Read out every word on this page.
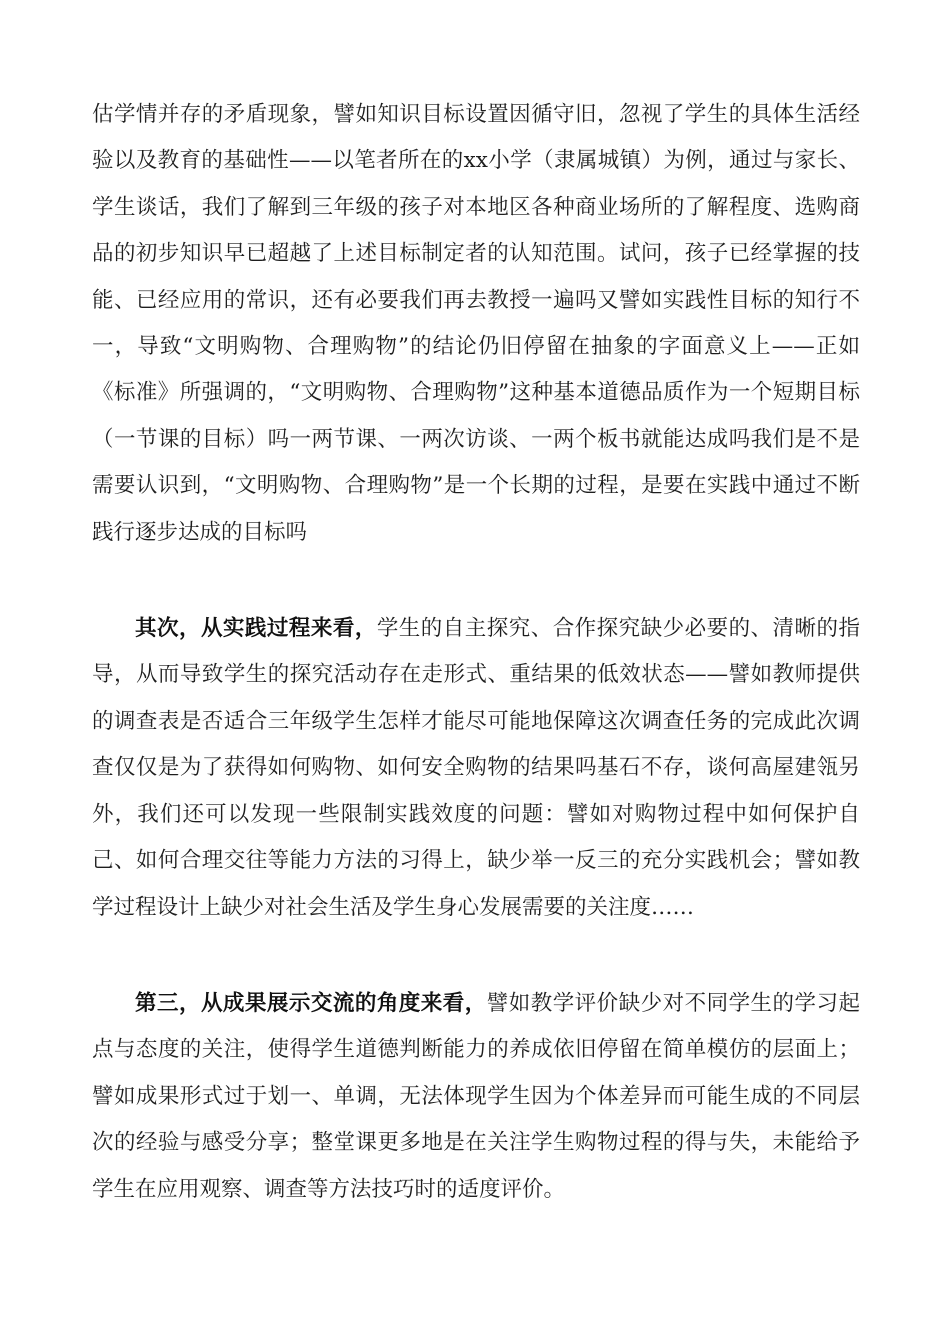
估学情并存的矛盾现象，譬如知识目标设置因循守旧，忽视了学生的具体生活经验以及教育的基础性——以笔者所在的xx小学（隶属城镇）为例，通过与家长、学生谈话，我们了解到三年级的孩子对本地区各种商业场所的了解程度、选购商品的初步知识早已超越了上述目标制定者的认知范围。试问，孩子已经掌握的技能、已经应用的常识，还有必要我们再去教授一遍吗又譬如实践性目标的知行不一，导致“文明购物、合理购物”的结论仍旧停留在抽象的字面意义上——正如《标准》所强调的，“文明购物、合理购物”这种基本道德品质作为一个短期目标（一节课的目标）吗一两节课、一两次访谈、一两个板书就能达成吗我们是不是需要认识到，“文明购物、合理购物”是一个长期的过程，是要在实践中通过不断践行逐步达成的目标吗

其次，从实践过程来看，学生的自主探究、合作探究缺少必要的、清晰的指导，从而导致学生的探究活动存在走形式、重结果的低效状态——譬如教师提供的调查表是否适合三年级学生怎样才能尽可能地保障这次调查任务的完成此次调查仅仅是为了获得如何购物、如何安全购物的结果吗基石不存，谈何高屋建瓴另外，我们还可以发现一些限制实践效度的问题：譬如对购物过程中如何保护自己、如何合理交往等能力方法的习得上，缺少举一反三的充分实践机会；譬如教学过程设计上缺少对社会生活及学生身心发展需要的关注度……

第三，从成果展示交流的角度来看，譬如教学评价缺少对不同学生的学习起点与态度的关注，使得学生道德判断能力的养成依旧停留在简单模仿的层面上；譬如成果形式过于划一、单调，无法体现学生因为个体差异而可能生成的不同层次的经验与感受分享；整堂课更多地是在关注学生购物过程的得与失，未能给予学生在应用观察、调查等方法技巧时的适度评价。
